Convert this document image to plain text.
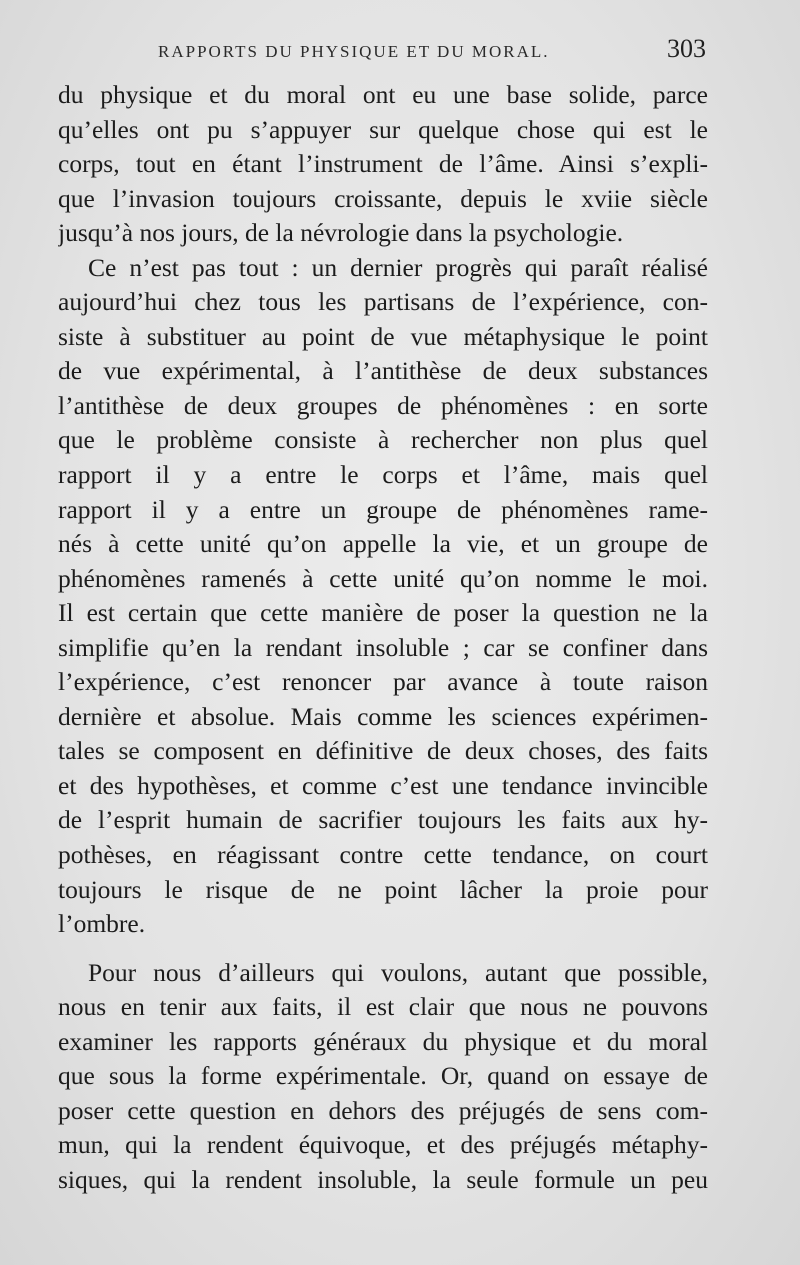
RAPPORTS DU PHYSIQUE ET DU MORAL.	303
du physique et du moral ont eu une base solide, parce
qu’elles ont pu s’appuyer sur quelque chose qui est le
corps, tout en étant l’instrument de l’âme. Ainsi s’expli-
que l’invasion toujours croissante, depuis le xviie siècle
jusqu’à nos jours, de la névrologie dans la psychologie.
Ce n’est pas tout : un dernier progrès qui paraît réalisé
aujourd’hui chez tous les partisans de l’expérience, con-
siste à substituer au point de vue métaphysique le point
de vue expérimental, à l’antithèse de deux substances
l’antithèse de deux groupes de phénomènes : en sorte
que le problème consiste à rechercher non plus quel
rapport il y a entre le corps et l’âme, mais quel
rapport il y a entre un groupe de phénomènes rame-
nés à cette unité qu’on appelle la vie, et un groupe de
phénomènes ramenés à cette unité qu’on nomme le moi.
Il est certain que cette manière de poser la question ne la
simplifie qu’en la rendant insoluble ; car se confiner dans
l’expérience, c’est renoncer par avance à toute raison
dernière et absolue. Mais comme les sciences expérimen-
tales se composent en définitive de deux choses, des faits
et des hypothèses, et comme c’est une tendance invincible
de l’esprit humain de sacrifier toujours les faits aux hy-
pothèses, en réagissant contre cette tendance, on court
toujours le risque de ne point lâcher la proie pour
l’ombre.
Pour nous d’ailleurs qui voulons, autant que possible,
nous en tenir aux faits, il est clair que nous ne pouvons
examiner les rapports généraux du physique et du moral
que sous la forme expérimentale. Or, quand on essaye de
poser cette question en dehors des préjugés de sens com-
mun, qui la rendent équivoque, et des préjugés métaphy-
siques, qui la rendent insoluble, la seule formule un peu
